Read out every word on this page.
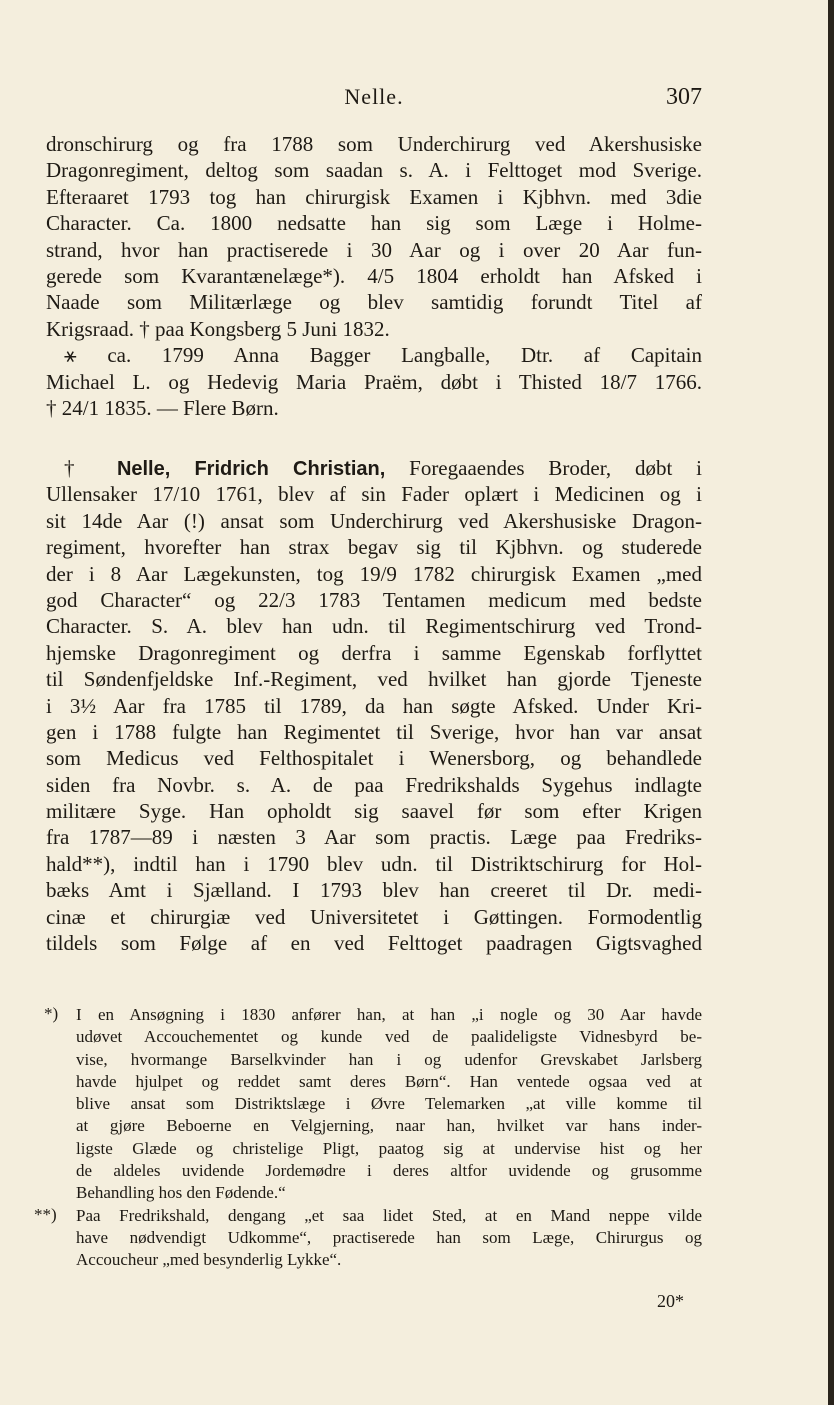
Nelle.	307
dronschirurg og fra 1788 som Underchirurg ved Akershusiske
Dragonregiment, deltog som saadan s. A. i Felttoget mod Sverige.
Efteraaret 1793 tog han chirurgisk Examen i Kjbhvn. med 3die
Character. Ca. 1800 nedsatte han sig som Læge i Holme-
strand, hvor han practiserede i 30 Aar og i over 20 Aar fun-
gerede som Kvarantænelæge*). 4/5 1804 erholdt han Afsked i
Naade som Militærlæge og blev samtidig forundt Titel af
Krigsraad. † paa Kongsberg 5 Juni 1832.
⚹ ca. 1799 Anna Bagger Langballe, Dtr. af Capitain
Michael L. og Hedevig Maria Praëm, døbt i Thisted 18/7 1766.
† 24/1 1835. — Flere Børn.
† Nelle, Fridrich Christian, Foregaaendes Broder, døbt i
Ullensaker 17/10 1761, blev af sin Fader oplært i Medicinen og i
sit 14de Aar (!) ansat som Underchirurg ved Akershusiske Dragon-
regiment, hvorefter han strax begav sig til Kjbhvn. og studerede
der i 8 Aar Lægekunsten, tog 19/9 1782 chirurgisk Examen „med
god Character“ og 22/3 1783 Tentamen medicum med bedste
Character. S. A. blev han udn. til Regimentschirurg ved Trond-
hjemske Dragonregiment og derfra i samme Egenskab forflyttet
til Søndenfjeldske Inf.-Regiment, ved hvilket han gjorde Tjeneste
i 3½ Aar fra 1785 til 1789, da han søgte Afsked. Under Kri-
gen i 1788 fulgte han Regimentet til Sverige, hvor han var ansat
som Medicus ved Felthospitalet i Wenersborg, og behandlede
siden fra Novbr. s. A. de paa Fredrikshalds Sygehus indlagte
militære Syge. Han opholdt sig saavel før som efter Krigen
fra 1787—89 i næsten 3 Aar som practis. Læge paa Fredriks-
hald**), indtil han i 1790 blev udn. til Distriktschirurg for Hol-
bæks Amt i Sjælland. I 1793 blev han creeret til Dr. medi-
cinæ et chirurgiæ ved Universitetet i Gøttingen. Formodentlig
tildels som Følge af en ved Felttoget paadragen Gigtsvaghed
*)	I en Ansøgning i 1830 anfører han, at han „i nogle og 30 Aar havde
udøvet Accouchementet og kunde ved de paalideligste Vidnesbyrd be-
vise, hvormange Barselkvinder han i og udenfor Grevskabet Jarlsberg
havde hjulpet og reddet samt deres Børn“. Han ventede ogsaa ved at
blive ansat som Distriktslæge i Øvre Telemarken „at ville komme til
at gjøre Beboerne en Velgjerning, naar han, hvilket var hans inder-
ligste Glæde og christelige Pligt, paatog sig at undervise hist og her
de aldeles uvidende Jordemødre i deres altfor uvidende og grusomme
Behandling hos den Fødende.“
**)	Paa Fredrikshald, dengang „et saa lidet Sted, at en Mand neppe vilde
have nødvendigt Udkomme“, practiserede han som Læge, Chirurgus og
Accoucheur „med besynderlig Lykke“.
20*
